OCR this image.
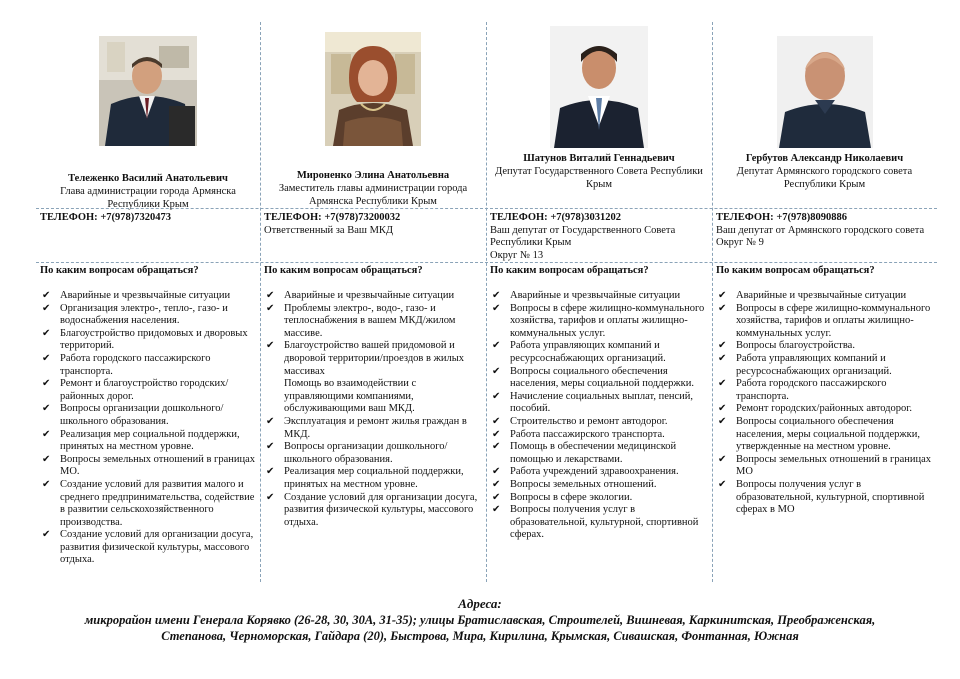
Тележенко Василий Анатольевич
Глава администрации города Армянска Республики Крым
ТЕЛЕФОН: +7(978)7320473
По каким вопросам обращаться?
✔ Аварийные и чрезвычайные ситуации
✔ Организация электро-, тепло-, газо- и водоснабжения населения.
✔ Благоустройство придомовых и дворовых территорий.
✔ Работа городского пассажирского транспорта.
✔ Ремонт и благоустройство городских/районных дорог.
✔ Вопросы организации дошкольного/школьного образования.
✔ Реализация мер социальной поддержки, принятых на местном уровне.
✔ Вопросы земельных отношений в границах МО.
✔ Создание условий для развития малого и среднего предпринимательства, содействие в развитии сельскохозяйственного производства.
✔ Создание условий для организации досуга, развития физической культуры, массового отдыха.
Мироненко Элина Анатольевна
Заместитель главы администрации города Армянска Республики Крым
ТЕЛЕФОН: +7(978)73200032
Ответственный за Ваш МКД
По каким вопросам обращаться?
✔ Аварийные и чрезвычайные ситуации
✔ Проблемы электро-, водо-, газо- и теплоснабжения в вашем МКД/жилом массиве.
✔ Благоустройство вашей придомовой и дворовой территории/проездов в жилых массивах
Помощь во взаимодействии с управляющими компаниями, обслуживающими ваш МКД.
✔ Эксплуатация и ремонт жилья граждан в МКД.
✔ Вопросы организации дошкольного/школьного образования.
✔ Реализация мер социальной поддержки, принятых на местном уровне.
✔ Создание условий для организации досуга, развития физической культуры, массового отдыха.
Шатунов Виталий Геннадьевич
Депутат Государственного Совета Республики Крым
ТЕЛЕФОН: +7(978)3031202
Ваш депутат от Государственного Совета Республики Крым
Округ № 13
По каким вопросам обращаться?
✔ Аварийные и чрезвычайные ситуации
✔ Вопросы в сфере жилищно-коммунального хозяйства, тарифов и оплаты жилищно-коммунальных услуг.
✔ Работа управляющих компаний и ресурсоснабжающих организаций.
✔ Вопросы социального обеспечения населения, меры социальной поддержки.
✔ Начисление социальных выплат, пенсий, пособий.
✔ Строительство и ремонт автодорог.
✔ Работа пассажирского транспорта.
✔ Помощь в обеспечении медицинской помощью и лекарствами.
✔ Работа учреждений здравоохранения.
✔ Вопросы земельных отношений.
✔ Вопросы в сфере экологии.
✔ Вопросы получения услуг в образовательной, культурной, спортивной сферах.
Гербутов Александр Николаевич
Депутат Армянского городского совета Республики Крым
ТЕЛЕФОН: +7(978)8090886
Ваш депутат от Армянского городского совета
Округ № 9
По каким вопросам обращаться?
✔ Аварийные и чрезвычайные ситуации
✔ Вопросы в сфере жилищно-коммунального хозяйства, тарифов и оплаты жилищно-коммунальных услуг.
✔ Вопросы благоустройства.
✔ Работа управляющих компаний и ресурсоснабжающих организаций.
✔ Работа городского пассажирского транспорта.
✔ Ремонт городских/районных автодорог.
✔ Вопросы социального обеспечения населения, меры социальной поддержки, утвержденные на местном уровне.
✔ Вопросы земельных отношений в границах МО
✔ Вопросы получения услуг в образовательной, культурной, спортивной сферах в МО
Адреса:
микрорайон имени Генерала Корявко (26-28, 30, 30А, 31-35); улицы Братиславская, Строителей, Вишневая, Каркинитская, Преображенская,
Степанова, Черноморская, Гайдара (20), Быстрова, Мира, Кирилина, Крымская, Сивашская, Фонтанная, Южная
